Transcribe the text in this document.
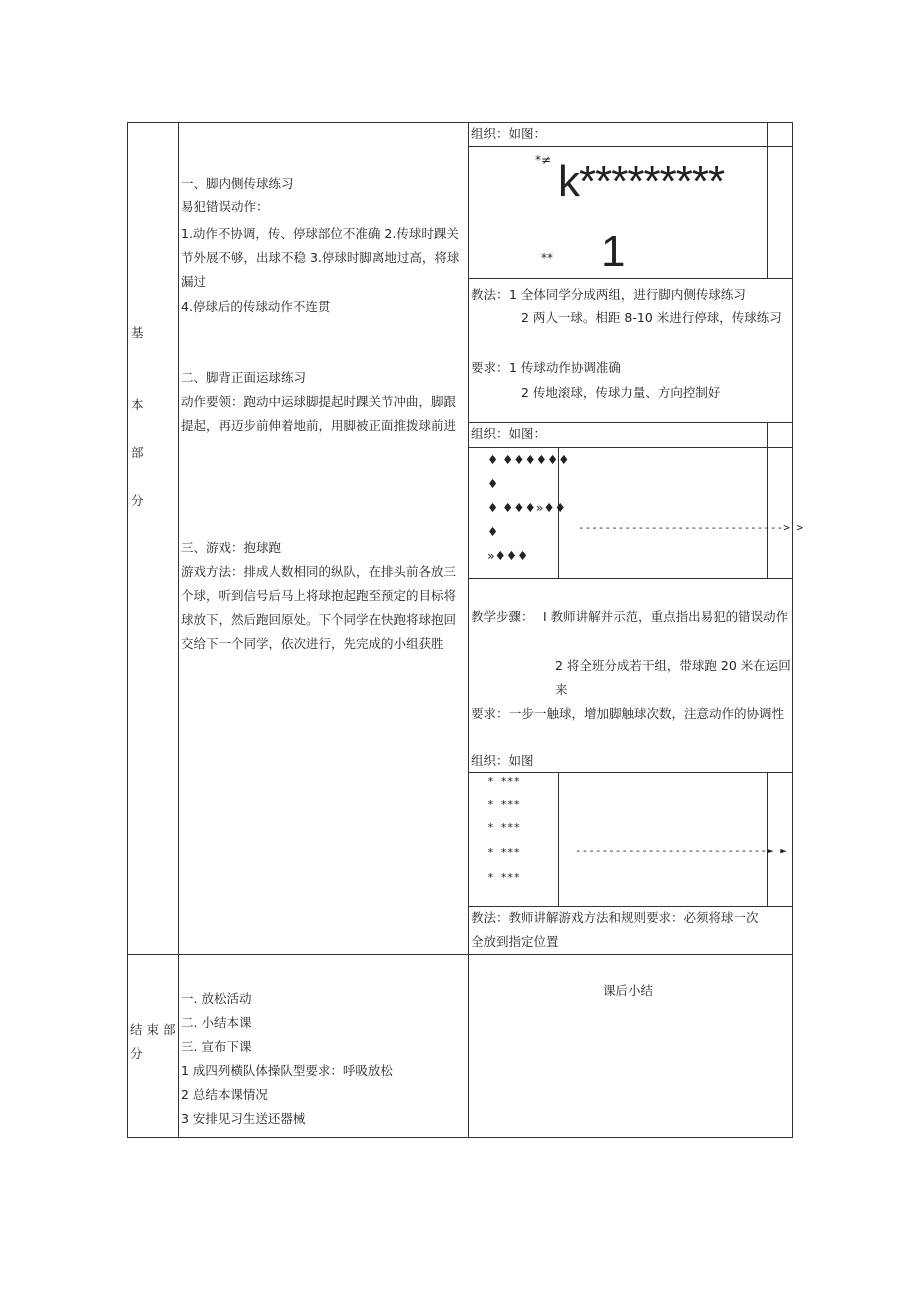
基
本
部
分
一、脚内侧传球练习
易犯错误动作：
1.动作不协调，传、停球部位不准确 2.传球时踝关节外展不够，出球不稳 3.停球时脚离地过高，将球漏过
4.停球后的传球动作不连贯
二、脚背正面运球练习
动作要领：跑动中运球脚提起时踝关节冲曲，脚跟提起，再迈步前伸着地前，用脚被正面推拨球前进
三、游戏：抱球跑
游戏方法：排成人数相同的纵队，在排头前各放三个球，听到信号后马上将球抱起跑至预定的目标将球放下，然后跑回原处。下个同学在快跑将球抱回交给下一个同学，依次进行，先完成的小组获胜
组织：如图：
*≠ k*********
** 1
教法： 1 全体同学分成两组，进行脚内侧传球练习
2 两人一球。相距 8-10 米进行停球，传球练习
要求： 1 传球动作协调准确
2 传地滚球，传球力量、方向控制好
组织：如图：
♦ ♦♦♦♦♦♦
♦
♦ ♦♦♦»♦♦
♦
»♦♦♦
-------------------------------> >
教学步骤： I 教师讲解并示范，重点指出易犯的错误动作
2 将全班分成若干组，带球跑 20 米在运回来
要求： 一步一触球，增加脚触球次数，注意动作的协调性
组织：如图
* ***
* ***
* ***
* ***
* ***
-----------------------------► ►
教法：教师讲解游戏方法和规则要求：必须将球一次全放到指定位置
结 束 部 分
一. 放松活动
二. 小结本课
三. 宣布下课
1 成四列横队体操队型要求：呼吸放松
2 总结本课情况
3 安排见习生送还器械
课后小结
